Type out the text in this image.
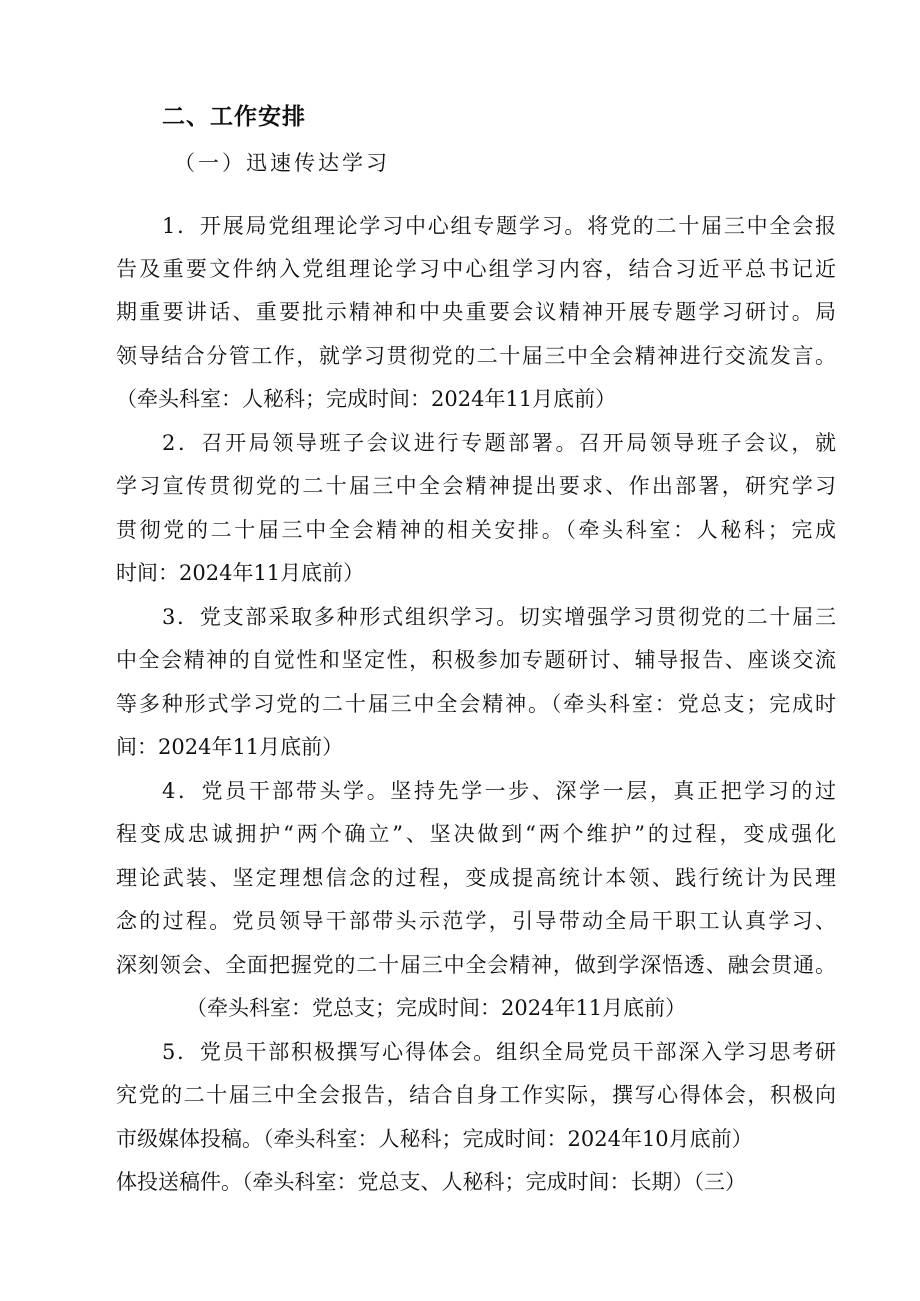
二、工作安排
（一）迅速传达学习
1．开展局党组理论学习中心组专题学习。将党的二十届三中全会报
告及重要文件纳入党组理论学习中心组学习内容，结合习近平总书记近
期重要讲话、重要批示精神和中央重要会议精神开展专题学习研讨。局
领导结合分管工作，就学习贯彻党的二十届三中全会精神进行交流发言。
（牵头科室：人秘科；完成时间：2024年11月底前）
2．召开局领导班子会议进行专题部署。召开局领导班子会议，就
学习宣传贯彻党的二十届三中全会精神提出要求、作出部署，研究学习
贯彻党的二十届三中全会精神的相关安排。（牵头科室：人秘科；完成
时间：2024年11月底前）
3．党支部采取多种形式组织学习。切实增强学习贯彻党的二十届三
中全会精神的自觉性和坚定性，积极参加专题研讨、辅导报告、座谈交流
等多种形式学习党的二十届三中全会精神。（牵头科室：党总支；完成时
间：2024年11月底前）
4．党员干部带头学。坚持先学一步、深学一层，真正把学习的过
程变成忠诚拥护“两个确立”、坚决做到“两个维护”的过程，变成强化
理论武装、坚定理想信念的过程，变成提高统计本领、践行统计为民理
念的过程。党员领导干部带头示范学，引导带动全局干职工认真学习、
深刻领会、全面把握党的二十届三中全会精神，做到学深悟透、融会贯通。
（牵头科室：党总支；完成时间：2024年11月底前）
5．党员干部积极撰写心得体会。组织全局党员干部深入学习思考研
究党的二十届三中全会报告，结合自身工作实际，撰写心得体会，积极向
市级媒体投稿。（牵头科室：人秘科；完成时间：2024年10月底前）
体投送稿件。（牵头科室：党总支、人秘科；完成时间：长期）（三）
